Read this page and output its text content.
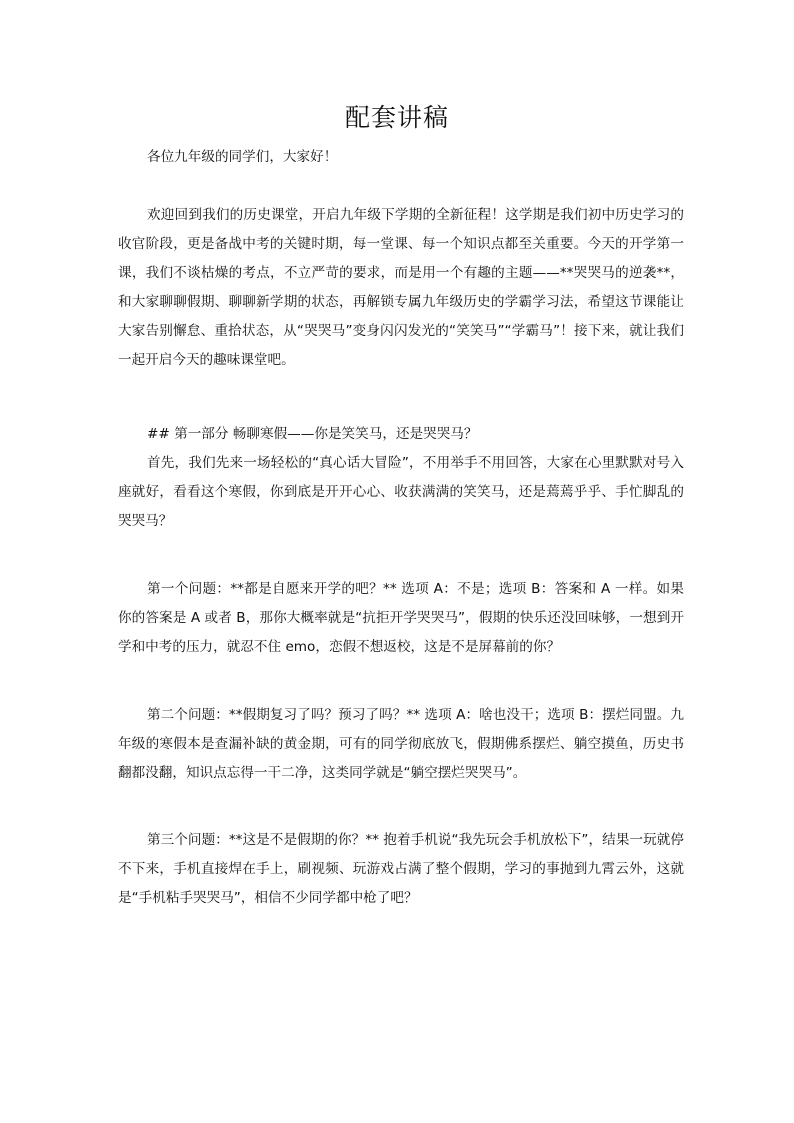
配套讲稿
各位九年级的同学们，大家好！
欢迎回到我们的历史课堂，开启九年级下学期的全新征程！这学期是我们初中历史学习的收官阶段，更是备战中考的关键时期，每一堂课、每一个知识点都至关重要。今天的开学第一课，我们不谈枯燥的考点，不立严苛的要求，而是用一个有趣的主题——**哭哭马的逆袭**，和大家聊聊假期、聊聊新学期的状态，再解锁专属九年级历史的学霸学习法，希望这节课能让大家告别懈怠、重拾状态，从“哭哭马”变身闪闪发光的“笑笑马”“学霸马”！接下来，就让我们一起开启今天的趣味课堂吧。
## 第一部分 畅聊寒假——你是笑笑马，还是哭哭马？
首先，我们先来一场轻松的“真心话大冒险”，不用举手不用回答，大家在心里默默对号入座就好，看看这个寒假，你到底是开开心心、收获满满的笑笑马，还是蔫蔫乎乎、手忙脚乱的哭哭马？
第一个问题：**都是自愿来开学的吧？** 选项 A：不是；选项 B：答案和 A 一样。如果你的答案是 A 或者 B，那你大概率就是“抗拒开学哭哭马”，假期的快乐还没回味够，一想到开学和中考的压力，就忍不住 emo，恋假不想返校，这是不是屏幕前的你？
第二个问题：**假期复习了吗？预习了吗？** 选项 A：啥也没干；选项 B：摆烂同盟。九年级的寒假本是查漏补缺的黄金期，可有的同学彻底放飞，假期佛系摆烂、躺空摸鱼，历史书翻都没翻，知识点忘得一干二净，这类同学就是“躺空摆烂哭哭马”。
第三个问题：**这是不是假期的你？** 抱着手机说“我先玩会手机放松下”，结果一玩就停不下来，手机直接焊在手上，刷视频、玩游戏占满了整个假期，学习的事抛到九霄云外，这就是“手机粘手哭哭马”，相信不少同学都中枪了吧？
